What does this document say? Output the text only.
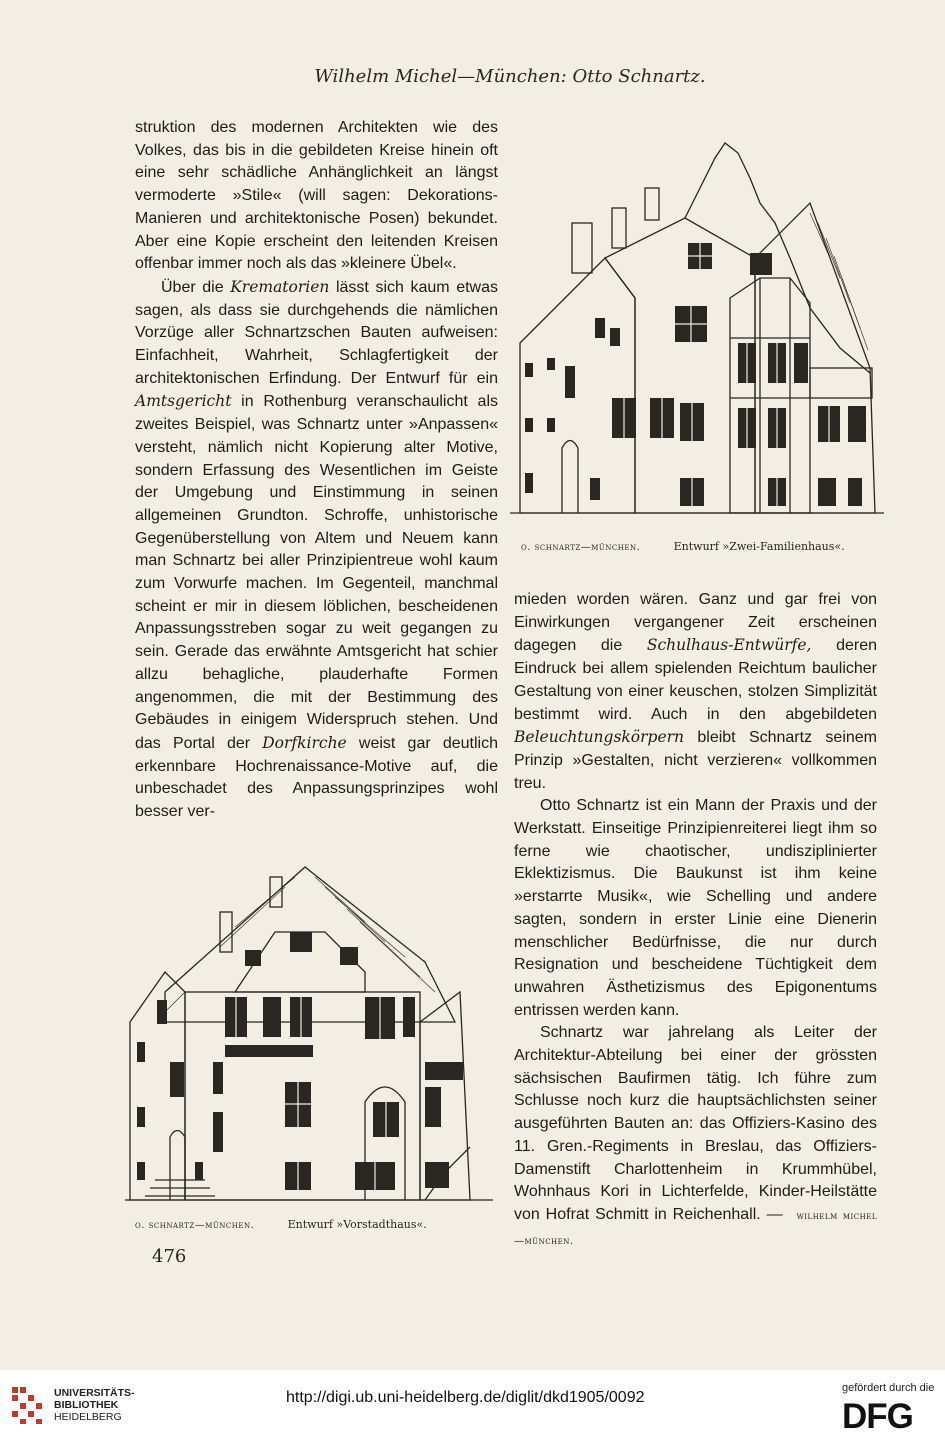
Wilhelm Michel—München: Otto Schnartz.
o. schnartz—münchen.	Entwurf »Zwei-Familienhaus«.

struktion des modernen Architekten wie des Volkes, das bis in die gebildeten Kreise hinein oft eine sehr schädliche Anhänglichkeit an längst vermoderte »Stile« (will sagen: Dekorations-Manieren und architektonische Posen) bekundet. Aber eine Kopie erscheint den leitenden Kreisen offenbar immer noch als das »kleinere Übel«.

Über die Krematorien lässt sich kaum etwas sagen, als dass sie durchgehends die nämlichen Vorzüge aller Schnartzschen Bauten aufweisen: Einfachheit, Wahrheit, Schlagfertigkeit der architektonischen Erfindung. Der Entwurf für ein Amtsgericht in Rothenburg veranschaulicht als zweites Beispiel, was Schnartz unter »Anpassen« versteht, nämlich nicht Kopierung alter Motive, sondern Erfassung des Wesentlichen im Geiste der Umgebung und Einstimmung in seinen allgemeinen Grundton. Schroffe, unhistorische Gegenüberstellung von Altem und Neuem kann man Schnartz bei aller Prinzipientreue wohl kaum zum Vorwurfe machen. Im Gegenteil, manchmal scheint er mir in diesem löblichen, bescheidenen Anpassungsstreben sogar zu weit gegangen zu sein. Gerade das erwähnte Amtsgericht hat schier allzu behagliche, plauderhafte Formen angenommen, die mit der Bestimmung des Gebäudes in einigem Widerspruch stehen. Und das Portal der Dorfkirche weist gar deutlich erkennbare Hochrenaissance-Motive auf, die unbeschadet des Anpassungsprinzipes wohl besser ver-

o. schnartz—münchen.	Entwurf »Vorstadthaus«.

mieden worden wären. Ganz und gar frei von Einwirkungen vergangener Zeit erscheinen dagegen die Schulhaus-Entwürfe, deren Eindruck bei allem spielenden Reichtum baulicher Gestaltung von einer keuschen, stolzen Simplizität bestimmt wird. Auch in den abgebildeten Beleuchtungskörpern bleibt Schnartz seinem Prinzip »Gestalten, nicht verzieren« vollkommen treu.

Otto Schnartz ist ein Mann der Praxis und der Werkstatt. Einseitige Prinzipienreiterei liegt ihm so ferne wie chaotischer, undisziplinierter Eklektizismus. Die Baukunst ist ihm keine »erstarrte Musik«, wie Schelling und andere sagten, sondern in erster Linie eine Dienerin menschlicher Bedürfnisse, die nur durch Resignation und bescheidene Tüchtigkeit dem unwahren Ästhetizismus des Epigonentums entrissen werden kann.

Schnartz war jahrelang als Leiter der Architektur-Abteilung bei einer der grössten sächsischen Baufirmen tätig. Ich führe zum Schlusse noch kurz die hauptsächlichsten seiner ausgeführten Bauten an: das Offiziers-Kasino des 11. Gren.-Regiments in Breslau, das Offiziers-Damenstift Charlottenheim in Krummhübel, Wohnhaus Kori in Lichterfelde, Kinder-Heilstätte von Hofrat Schmitt in Reichenhall. — wilhelm michel—münchen.

476
UNIVERSITÄTS-
BIBLIOTHEK
HEIDELBERG
http://digi.ub.uni-heidelberg.de/diglit/dkd1905/0092
gefördert durch die
DFG
